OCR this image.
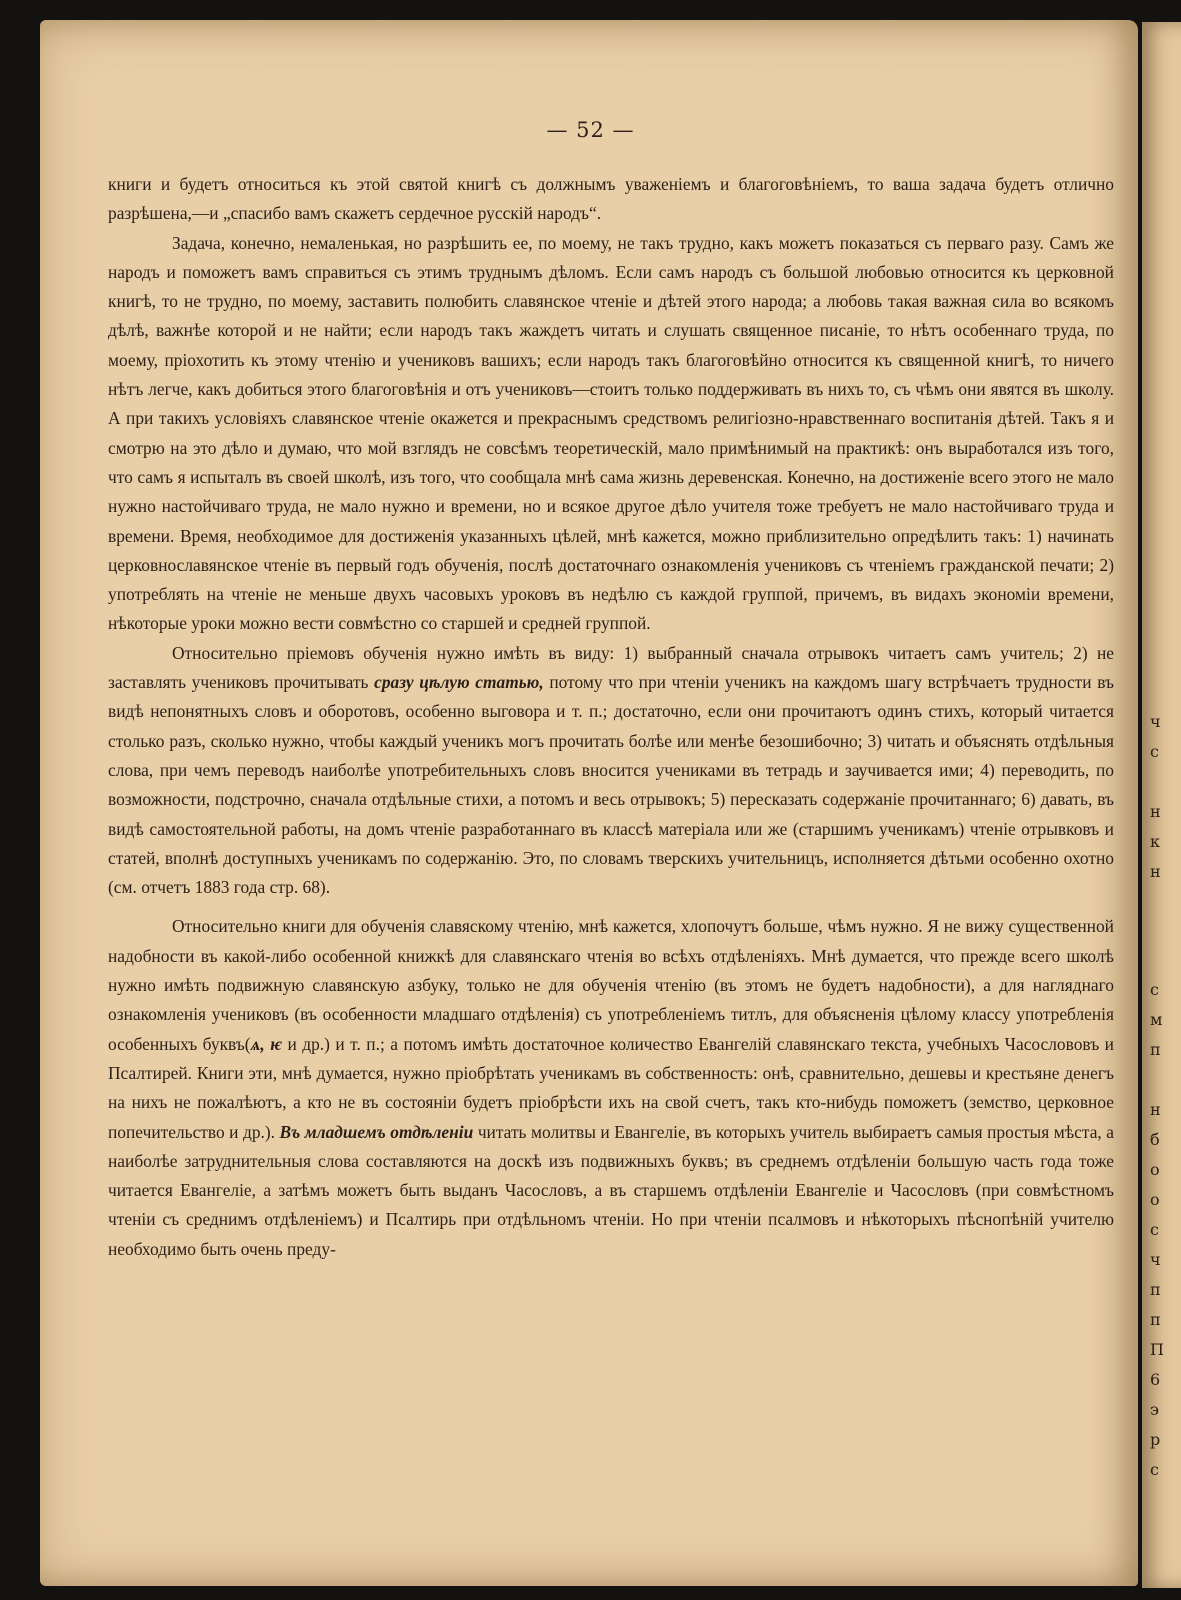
ч
с
н
к
н
с
м
п
н
б
о
о
с
ч
п
п
П
6
э
р
с
— 52 —

книги и будетъ относиться къ этой святой книгѣ съ должнымъ уваженіемъ и благоговѣніемъ, то ваша задача будетъ отлично разрѣшена,—и „спасибо вамъ скажетъ сердечное русскій народъ“.

Задача, конечно, немаленькая, но разрѣшить ее, по моему, не такъ трудно, какъ можетъ показаться съ перваго разу. Самъ же народъ и поможетъ вамъ справиться съ этимъ труднымъ дѣломъ. Если самъ народъ съ большой любовью относится къ церковной книгѣ, то не трудно, по моему, заставить полюбить славянское чтеніе и дѣтей этого народа; а любовь такая важная сила во всякомъ дѣлѣ, важнѣе которой и не найти; если народъ такъ жаждетъ читать и слушать священное писаніе, то нѣтъ особеннаго труда, по моему, пріохотить къ этому чтенію и учениковъ вашихъ; если народъ такъ благоговѣйно относится къ священной книгѣ, то ничего нѣтъ легче, какъ добиться этого благоговѣнія и отъ учениковъ—стоитъ только поддерживать въ нихъ то, съ чѣмъ они явятся въ школу. А при такихъ условіяхъ славянское чтеніе окажется и прекраснымъ средствомъ религіозно-нравственнаго воспитанія дѣтей. Такъ я и смотрю на это дѣло и думаю, что мой взглядъ не совсѣмъ теоретическій, мало примѣнимый на практикѣ: онъ выработался изъ того, что самъ я испыталъ въ своей школѣ, изъ того, что сообщала мнѣ сама жизнь деревенская. Конечно, на достиженіе всего этого не мало нужно настойчиваго труда, не мало нужно и времени, но и всякое другое дѣло учителя тоже требуетъ не мало настойчиваго труда и времени. Время, необходимое для достиженія указанныхъ цѣлей, мнѣ кажется, можно приблизительно опредѣлить такъ: 1) начинать церковнославянское чтеніе въ первый годъ обученія, послѣ достаточнаго ознакомленія учениковъ съ чтеніемъ гражданской печати; 2) употреблять на чтеніе не меньше двухъ часовыхъ уроковъ въ недѣлю съ каждой группой, причемъ, въ видахъ экономіи времени, нѣкоторые уроки можно вести совмѣстно со старшей и средней группой.

Относительно пріемовъ обученія нужно имѣть въ виду: 1) выбранный сначала отрывокъ читаетъ самъ учитель; 2) не заставлять учениковъ прочитывать сразу цѣлую статью, потому что при чтеніи ученикъ на каждомъ шагу встрѣчаетъ трудности въ видѣ непонятныхъ словъ и оборотовъ, особенно выговора и т. п.; достаточно, если они прочитаютъ одинъ стихъ, который читается столько разъ, сколько нужно, чтобы каждый ученикъ могъ прочитать болѣе или менѣе безошибочно; 3) читать и объяснять отдѣльныя слова, при чемъ переводъ наиболѣе употребительныхъ словъ вносится учениками въ тетрадь и заучивается ими; 4) переводить, по возможности, подстрочно, сначала отдѣльные стихи, а потомъ и весь отрывокъ; 5) пересказать содержаніе прочитаннаго; 6) давать, въ видѣ самостоятельной работы, на домъ чтеніе разработаннаго въ классѣ матеріала или же (старшимъ ученикамъ) чтеніе отрывковъ и статей, вполнѣ доступныхъ ученикамъ по содержанію. Это, по словамъ тверскихъ учительницъ, исполняется дѣтьми особенно охотно (см. отчетъ 1883 года стр. 68).

Относительно книги для обученія славяскому чтенію, мнѣ кажется, хлопочутъ больше, чѣмъ нужно. Я не вижу существенной надобности въ какой-либо особенной книжкѣ для славянскаго чтенія во всѣхъ отдѣленіяхъ. Мнѣ думается, что прежде всего школѣ нужно имѣть подвижную славянскую азбуку, только не для обученія чтенію (въ этомъ не будетъ надобности), а для нагляднаго ознакомленія учениковъ (въ особенности младшаго отдѣленія) съ употребленіемъ титлъ, для объясненія цѣлому классу употребленія особенныхъ буквъ(ѧ, ѥ и др.) и т. п.; а потомъ имѣть достаточное количество Евангелій славянскаго текста, учебныхъ Часослововъ и Псалтирей. Книги эти, мнѣ думается, нужно пріобрѣтать ученикамъ въ собственность: онѣ, сравнительно, дешевы и крестьяне денегъ на нихъ не пожалѣютъ, а кто не въ состояніи будетъ пріобрѣсти ихъ на свой счетъ, такъ кто-нибудь поможетъ (земство, церковное попечительство и др.). Въ младшемъ отдѣленіи читать молитвы и Евангеліе, въ которыхъ учитель выбираетъ самыя простыя мѣста, а наиболѣе затруднительныя слова составляются на доскѣ изъ подвижныхъ буквъ; въ среднемъ отдѣленіи большую часть года тоже читается Евангеліе, а затѣмъ можетъ быть выданъ Часословъ, а въ старшемъ отдѣленіи Евангеліе и Часословъ (при совмѣстномъ чтеніи съ среднимъ отдѣленіемъ) и Псалтирь при отдѣльномъ чтеніи. Но при чтеніи псалмовъ и нѣкоторыхъ пѣснопѣній учителю необходимо быть очень преду-
